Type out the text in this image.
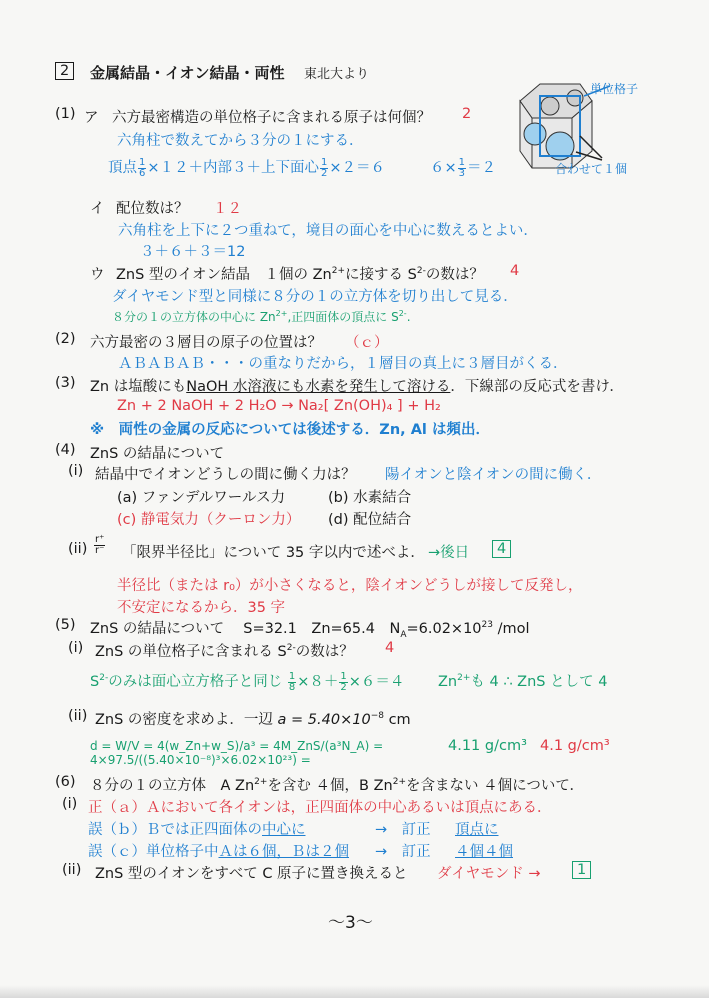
2	金属結晶・イオン結晶・両性 東北大より
単位格子
合わせて１個
(1) ア 六方最密構造の単位格子に含まれる原子は何個？ 2
六角柱で数えてから３分の１にする．
頂点 $\frac{1}{6} \times 12+$内部３＋上下面心 $\frac{1}{2} \times 2=6$	$6\times \frac{1}{3} =2$
イ 配位数は？ １２
六角柱を上下に２つ重ねて，境目の面心を中心に数えるとよい．
３＋６＋３＝12
ウ ZnS 型のイオン結晶　１個の $Zn^{2+}$に接する $S^{2-}$の数は？ 4
ダイヤモンド型と同様に８分の１の立方体を切り出して見る．
８分の１の立方体の中心に $Zn^{2+}$,正四面体の頂点に $S^{2-}$.
(2) 六方最密の３層目の原子の位置は？ （ｃ）
ＡＢＡＢＡＢ・・・の重なりだから，１層目の真上に３層目がくる．
(3) Zn は塩酸にもNaOH 水溶液にも水素を発生して溶ける．下線部の反応式を書け．
Zn + 2 NaOH + 2 H₂O → Na₂[ Zn(OH)₄ ] + H₂
※　両性の金属の反応については後述する．Zn, Al は頻出．
(4) ZnS の結晶について
(i) 結晶中でイオンどうしの間に働く力は？ 陽イオンと陰イオンの間に働く．
(a) ファンデルワールス力	(b) 水素結合
(c) 静電気力（クーロン力） (d) 配位結合
$(ii) \frac{r^+}{r^-}$ 「限界半径比」について 35 字以内で述べよ． →後日	4
半径比（または r₀）が小さくなると，陰イオンどうしが接して反発し，
不安定になるから．35 字
(5) ZnS の結晶について　 S=32.1　Zn=65.4　$N_A=6.02\times 10^{23}$ /mol
(i) ZnS の単位格子に含まれる $S^{2-}$の数は？ 4
$S^{2-}$のみは面心立方格子と同じ $\frac{1}{8} \times 8+ \frac{1}{2} \times 6=4$ $Zn^{2+}$も 4 ∴ ZnS として 4
(ii) ZnS の密度を求めよ．一辺 $a = 5.40\times 10^{-8}$ cm
d = W/V = 4(w_Zn+w_S)/a³ = 4M_ZnS/(a³N_A) = 4×97.5/((5.40×10⁻⁸)³×6.02×10²³) =
4.11 g/cm³ 4.1 g/cm³
(6) ８分の１の立方体　A $Zn^{2+}$を含む ４個，B $Zn^{2+}$を含まない ４個について．
(i) 正（ａ）Ａにおいて各イオンは，正四面体の中心あるいは頂点にある．
誤（ｂ）Ｂでは正四面体の中心に	→　訂正 頂点に
誤（ｃ）単位格子中Ａは６個，Ｂは２個 →　訂正 ４個４個
(ii) ZnS 型のイオンをすべて C 原子に置き換えると ダイヤモンド →	1
～3～
